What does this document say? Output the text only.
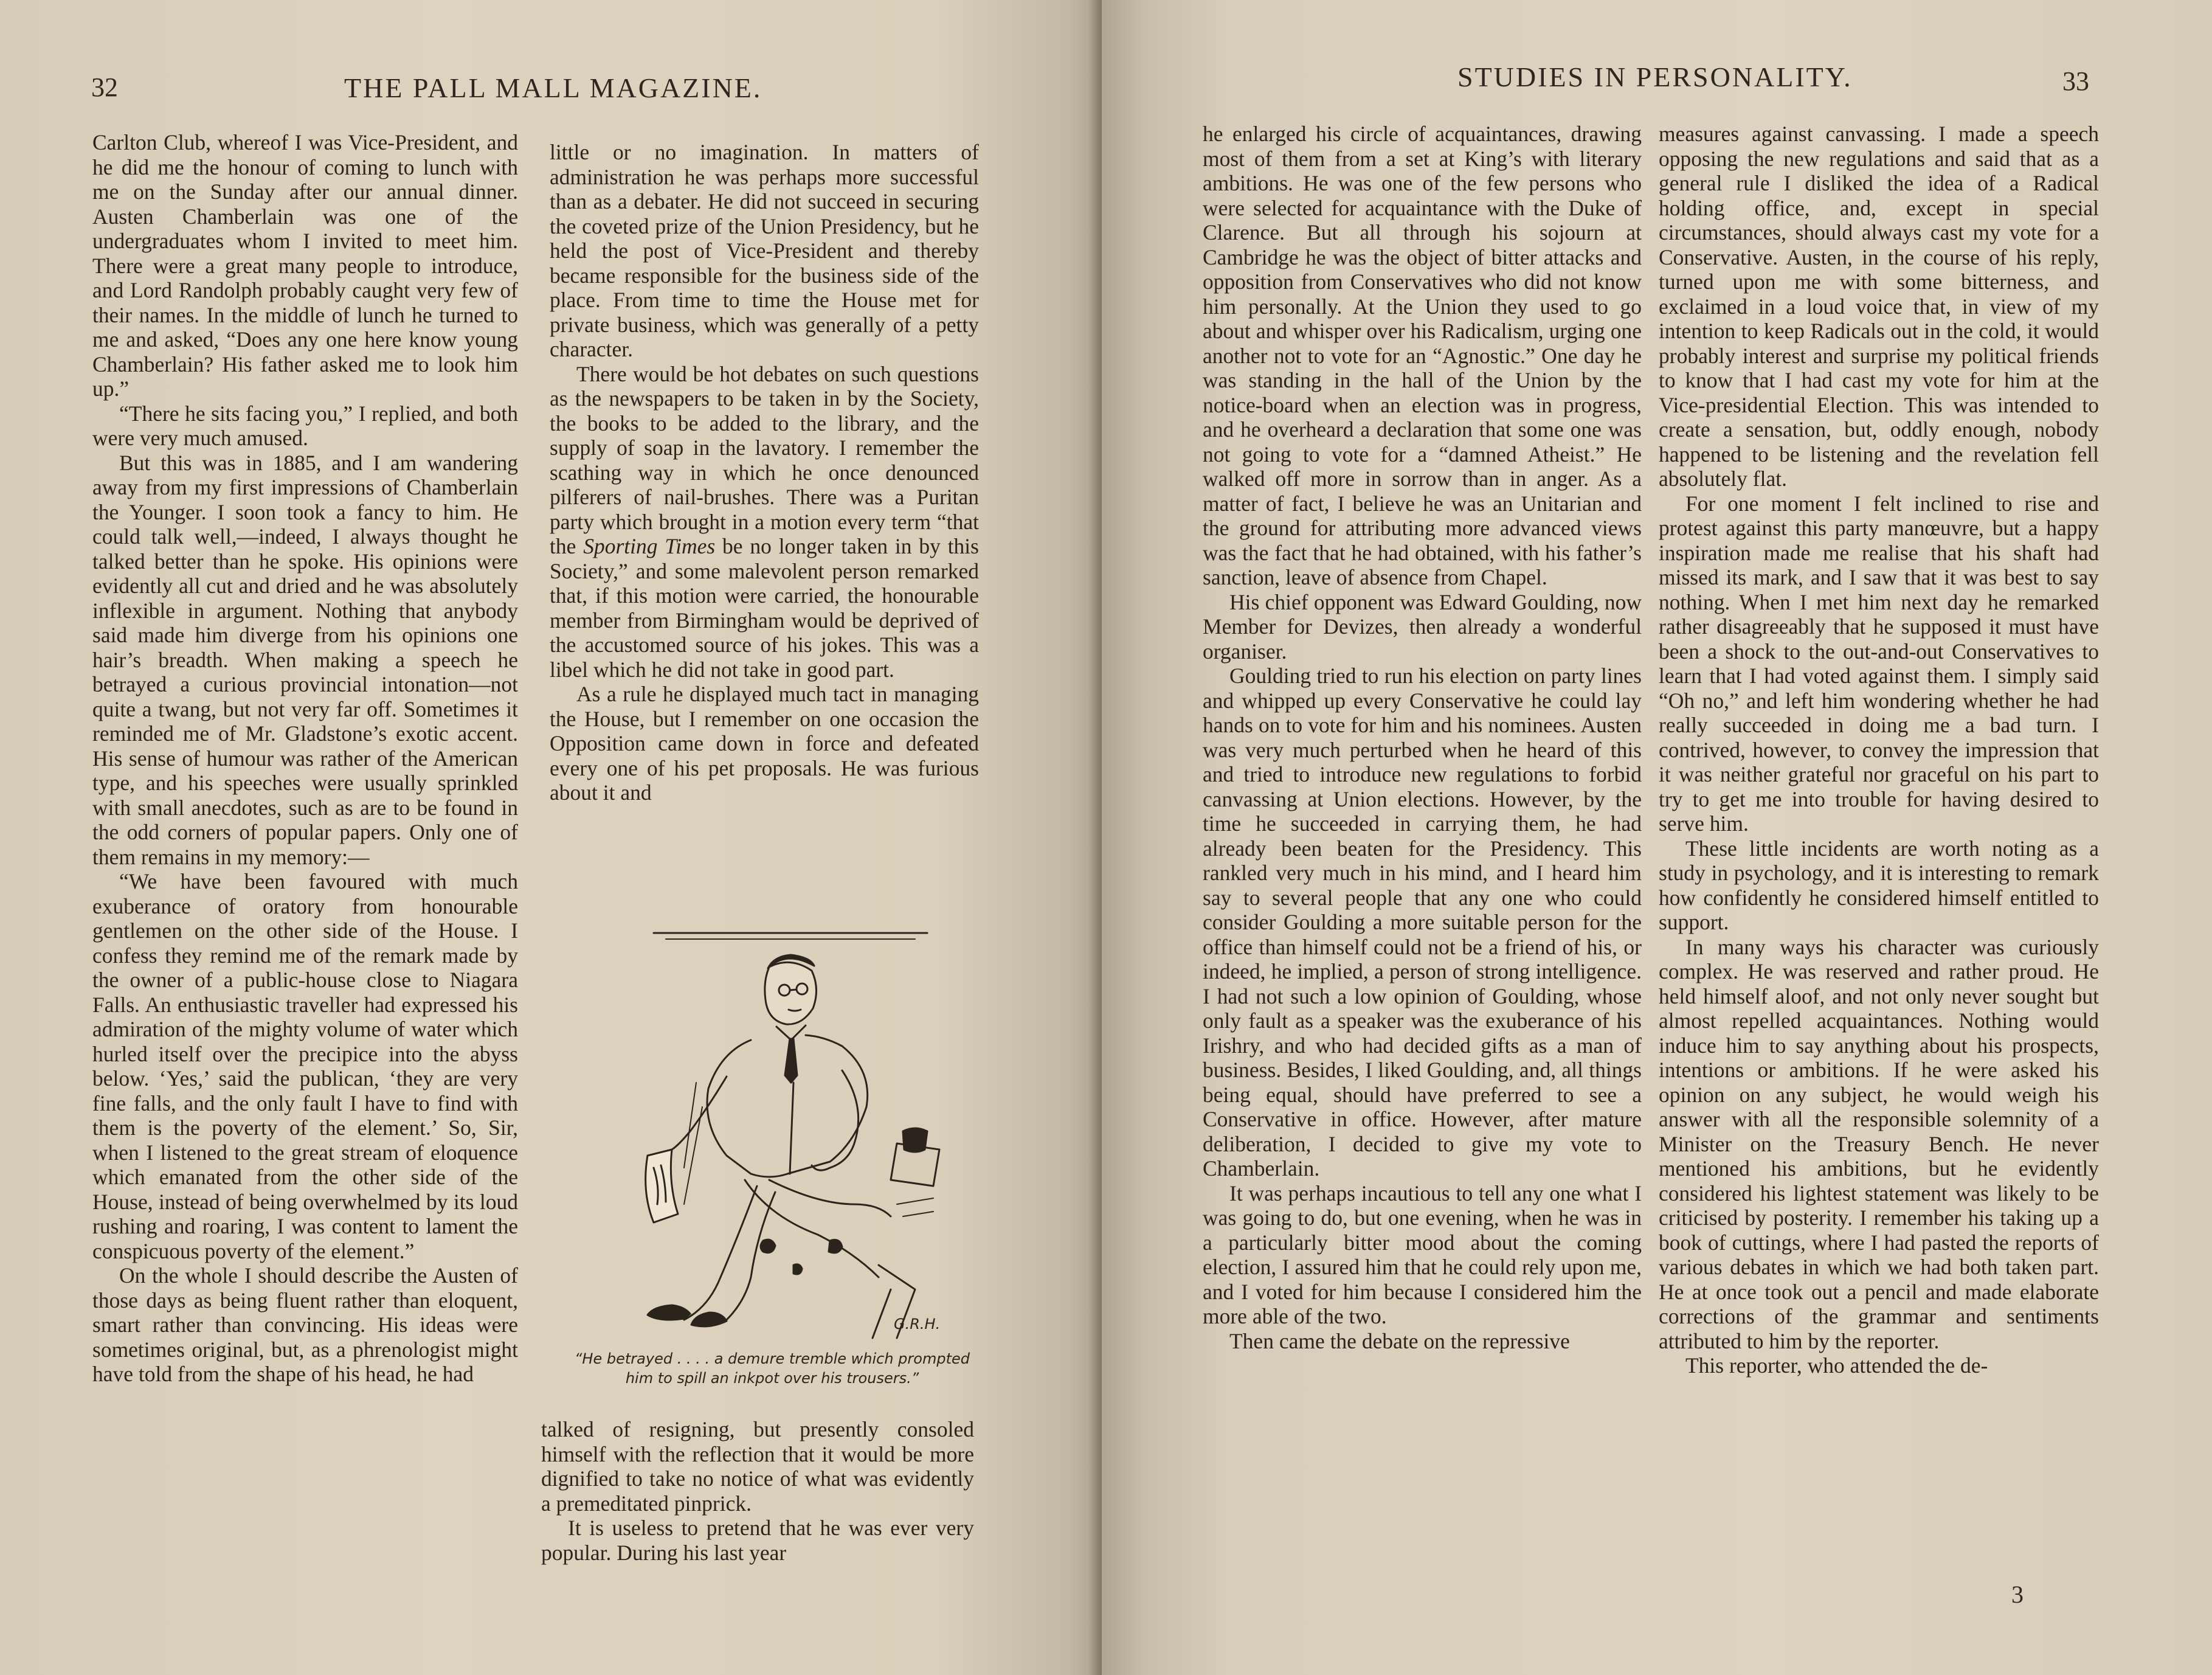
32	THE PALL MALL MAGAZINE.

Carlton Club, whereof I was Vice-President, and he did me the honour of coming to lunch with me on the Sunday after our annual dinner. Austen Chamberlain was one of the undergraduates whom I invited to meet him. There were a great many people to introduce, and Lord Randolph probably caught very few of their names. In the middle of lunch he turned to me and asked, “Does any one here know young Chamberlain? His father asked me to look him up.”

“There he sits facing you,” I replied, and both were very much amused.

But this was in 1885, and I am wandering away from my first impressions of Chamberlain the Younger. I soon took a fancy to him. He could talk well,—indeed, I always thought he talked better than he spoke. His opinions were evidently all cut and dried and he was absolutely inflexible in argument. Nothing that anybody said made him diverge from his opinions one hair’s breadth. When making a speech he betrayed a curious provincial intonation—not quite a twang, but not very far off. Sometimes it reminded me of Mr. Gladstone’s exotic accent. His sense of humour was rather of the American type, and his speeches were usually sprinkled with small anecdotes, such as are to be found in the odd corners of popular papers. Only one of them remains in my memory:—

“We have been favoured with much exuberance of oratory from honourable gentlemen on the other side of the House. I confess they remind me of the remark made by the owner of a public-house close to Niagara Falls. An enthusiastic traveller had expressed his admiration of the mighty volume of water which hurled itself over the precipice into the abyss below. ‘Yes,’ said the publican, ‘they are very fine falls, and the only fault I have to find with them is the poverty of the element.’ So, Sir, when I listened to the great stream of eloquence which emanated from the other side of the House, instead of being overwhelmed by its loud rushing and roaring, I was content to lament the conspicuous poverty of the element.”

On the whole I should describe the Austen of those days as being fluent rather than eloquent, smart rather than convincing. His ideas were sometimes original, but, as a phrenologist might have told from the shape of his head, he had

little or no imagination. In matters of administration he was perhaps more successful than as a debater. He did not succeed in securing the coveted prize of the Union Presidency, but he held the post of Vice-President and thereby became responsible for the business side of the place. From time to time the House met for private business, which was generally of a petty character.

There would be hot debates on such questions as the newspapers to be taken in by the Society, the books to be added to the library, and the supply of soap in the lavatory. I remember the scathing way in which he once denounced pilferers of nail-brushes. There was a Puritan party which brought in a motion every term “that the Sporting Times be no longer taken in by this Society,” and some malevolent person remarked that, if this motion were carried, the honourable member from Birmingham would be deprived of the accustomed source of his jokes. This was a libel which he did not take in good part.

As a rule he displayed much tact in managing the House, but I remember on one occasion the Opposition came down in force and defeated every one of his pet proposals. He was furious about it and

G.R.H.
“He betrayed . . . . a demure tremble which prompted
him to spill an inkpot over his trousers.”

talked of resigning, but presently consoled himself with the reflection that it would be more dignified to take no notice of what was evidently a premeditated pinprick.

It is useless to pretend that he was ever very popular. During his last year

STUDIES IN PERSONALITY.	33

he enlarged his circle of acquaintances, drawing most of them from a set at King’s with literary ambitions. He was one of the few persons who were selected for acquaintance with the Duke of Clarence. But all through his sojourn at Cambridge he was the object of bitter attacks and opposition from Conservatives who did not know him personally. At the Union they used to go about and whisper over his Radicalism, urging one another not to vote for an “Agnostic.” One day he was standing in the hall of the Union by the notice-board when an election was in progress, and he overheard a declaration that some one was not going to vote for a “damned Atheist.” He walked off more in sorrow than in anger. As a matter of fact, I believe he was an Unitarian and the ground for attributing more advanced views was the fact that he had obtained, with his father’s sanction, leave of absence from Chapel.

His chief opponent was Edward Goulding, now Member for Devizes, then already a wonderful organiser.

Goulding tried to run his election on party lines and whipped up every Conservative he could lay hands on to vote for him and his nominees. Austen was very much perturbed when he heard of this and tried to introduce new regulations to forbid canvassing at Union elections. However, by the time he succeeded in carrying them, he had already been beaten for the Presidency. This rankled very much in his mind, and I heard him say to several people that any one who could consider Goulding a more suitable person for the office than himself could not be a friend of his, or indeed, he implied, a person of strong intelligence. I had not such a low opinion of Goulding, whose only fault as a speaker was the exuberance of his Irishry, and who had decided gifts as a man of business. Besides, I liked Goulding, and, all things being equal, should have preferred to see a Conservative in office. However, after mature deliberation, I decided to give my vote to Chamberlain.

It was perhaps incautious to tell any one what I was going to do, but one evening, when he was in a particularly bitter mood about the coming election, I assured him that he could rely upon me, and I voted for him because I considered him the more able of the two.

Then came the debate on the repressive

measures against canvassing. I made a speech opposing the new regulations and said that as a general rule I disliked the idea of a Radical holding office, and, except in special circumstances, should always cast my vote for a Conservative. Austen, in the course of his reply, turned upon me with some bitterness, and exclaimed in a loud voice that, in view of my intention to keep Radicals out in the cold, it would probably interest and surprise my political friends to know that I had cast my vote for him at the Vice-presidential Election. This was intended to create a sensation, but, oddly enough, nobody happened to be listening and the revelation fell absolutely flat.

For one moment I felt inclined to rise and protest against this party manœuvre, but a happy inspiration made me realise that his shaft had missed its mark, and I saw that it was best to say nothing. When I met him next day he remarked rather disagreeably that he supposed it must have been a shock to the out-and-out Conservatives to learn that I had voted against them. I simply said “Oh no,” and left him wondering whether he had really succeeded in doing me a bad turn. I contrived, however, to convey the impression that it was neither grateful nor graceful on his part to try to get me into trouble for having desired to serve him.

These little incidents are worth noting as a study in psychology, and it is interesting to remark how confidently he considered himself entitled to support.

In many ways his character was curiously complex. He was reserved and rather proud. He held himself aloof, and not only never sought but almost repelled acquaintances. Nothing would induce him to say anything about his prospects, intentions or ambitions. If he were asked his opinion on any subject, he would weigh his answer with all the responsible solemnity of a Minister on the Treasury Bench. He never mentioned his ambitions, but he evidently considered his lightest statement was likely to be criticised by posterity. I remember his taking up a book of cuttings, where I had pasted the reports of various debates in which we had both taken part. He at once took out a pencil and made elaborate corrections of the grammar and sentiments attributed to him by the reporter.

This reporter, who attended the de-

3
